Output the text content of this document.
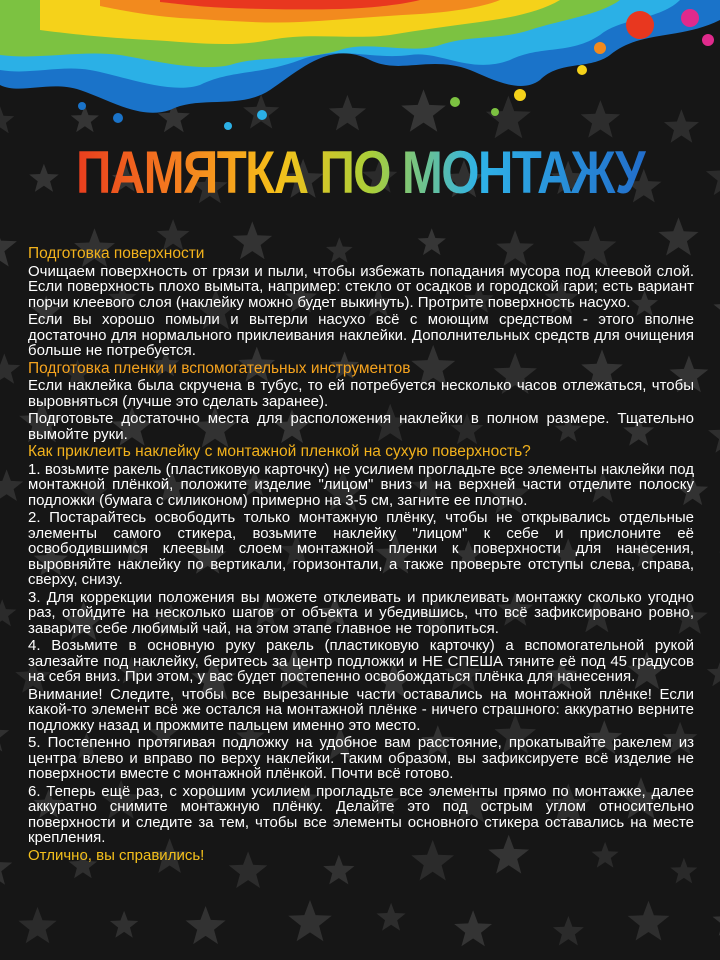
ПАМЯТКА ПО МОНТАЖУ

Подготовка поверхности

Очищаем поверхность от грязи и пыли, чтобы избежать попадания мусора под клеевой слой. Если поверхность плохо вымыта, например: стекло от осадков и городской гари; есть вариант порчи клеевого слоя (наклейку можно будет выкинуть). Протрите поверхность насухо.

Если вы хорошо помыли и вытерли насухо всё с моющим средством - этого вполне достаточно для нормального приклеивания наклейки. Дополнительных средств для очищения больше не потребуется.

Подготовка пленки и вспомогательных инструментов

Если наклейка была скручена в тубус, то ей потребуется несколько часов отлежаться, чтобы выровняться (лучше это сделать заранее).

Подготовьте достаточно места для расположения наклейки в полном размере. Тщательно вымойте руки.

Как приклеить наклейку с монтажной пленкой на сухую поверхность?

1. возьмите ракель (пластиковую карточку) не усилием прогладьте все элементы наклейки под монтажной плёнкой, положите изделие "лицом" вниз и на верхней части отделите полоску подложки (бумага с силиконом) примерно на 3-5 см, загните ее плотно.

2. Постарайтесь освободить только монтажную плёнку, чтобы не открывались отдельные элементы самого стикера, возьмите наклейку "лицом" к себе и прислоните её освободившимся клеевым слоем монтажной пленки к поверхности для нанесения, выровняйте наклейку по вертикали, горизонтали, а также проверьте отступы слева, справа, сверху, снизу.

3. Для коррекции положения вы можете отклеивать и приклеивать монтажку сколько угодно раз, отойдите на несколько шагов от объекта и убедившись, что всё зафиксировано ровно, заварите себе любимый чай, на этом этапе главное не торопиться.

4. Возьмите в основную руку ракель (пластиковую карточку) а вспомогательной рукой залезайте под наклейку, беритесь за центр подложки и НЕ СПЕША тяните её под 45 градусов на себя вниз. При этом, у вас будет постепенно освобождаться плёнка для нанесения.

Внимание! Следите, чтобы все вырезанные части оставались на монтажной плёнке! Если какой-то элемент всё же остался на монтажной плёнке - ничего страшного: аккуратно верните подложку назад и прожмите пальцем именно это место.

5. Постепенно протягивая подложку на удобное вам расстояние, прокатывайте ракелем из центра влево и вправо по верху наклейки. Таким образом, вы зафиксируете всё изделие не поверхности вместе с монтажной плёнкой. Почти всё готово.

6. Теперь ещё раз, с хорошим усилием прогладьте все элементы прямо по монтажке, далее аккуратно снимите монтажную плёнку. Делайте это под острым углом относительно поверхности и следите за тем, чтобы все элементы основного стикера оставались на месте крепления.

Отлично, вы справились!
